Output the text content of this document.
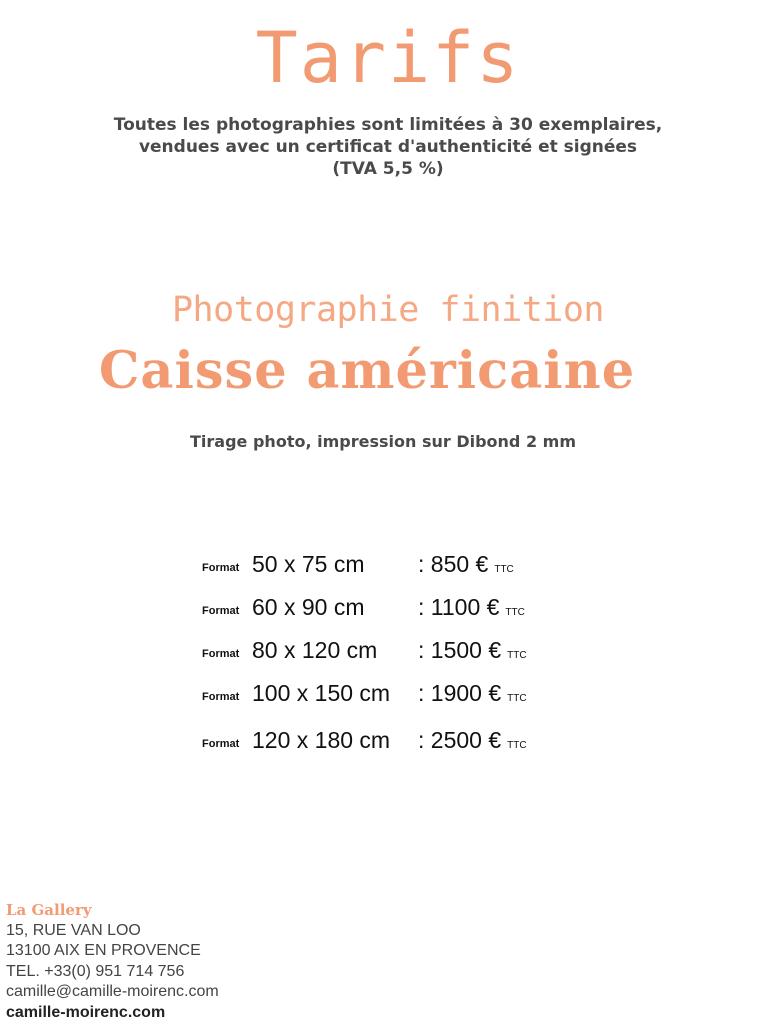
Tarifs
Toutes les photographies sont limitées à 30 exemplaires,
vendues avec un certificat d'authenticité et signées
(TVA 5,5 %)
Photographie finition
Caisse américaine
Tirage photo, impression sur Dibond 2 mm
Format 50 x 75 cm : 850 € TTC
Format 60 x 90 cm : 1100 € TTC
Format 80 x 120 cm : 1500 € TTC
Format 100 x 150 cm : 1900 € TTC
Format 120 x 180 cm : 2500 € TTC
La Gallery
15, RUE VAN LOO
13100 AIX EN PROVENCE
TEL. +33(0) 951 714 756
camille@camille-moirenc.com
camille-moirenc.com
